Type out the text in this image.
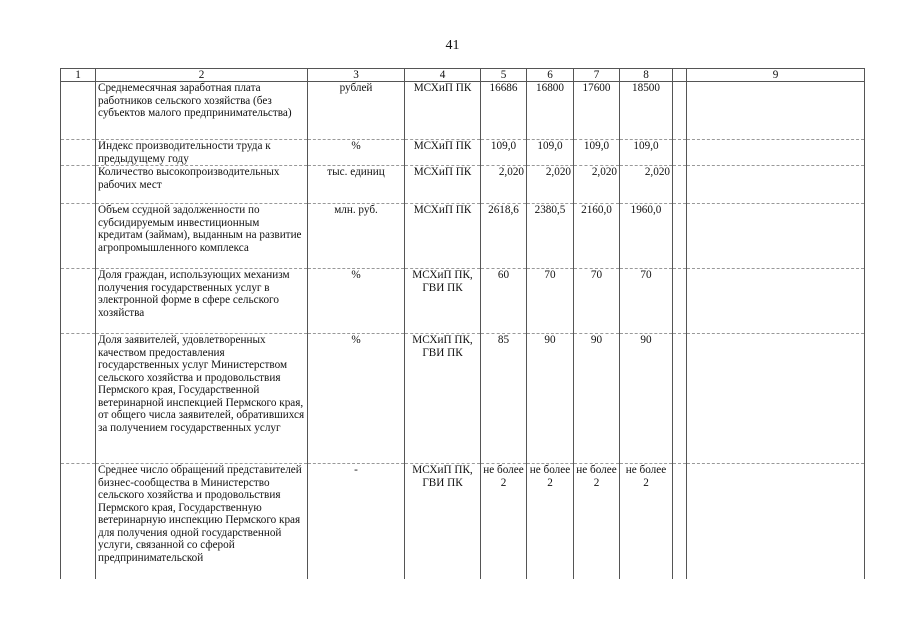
41
1	2	3	4	5	6	7	8		9
	Среднемесячная заработная плата работников сельского хозяйства (без субъектов малого предпринимательства)	рублей	МСХиП ПК	16686	16800	17600	18500		
	Индекс производительности труда к предыдущему году	%	МСХиП ПК	109,0	109,0	109,0	109,0		
	Количество высокопроизводительных рабочих мест	тыс. единиц	МСХиП ПК	2,020	2,020	2,020	2,020		
	Объем ссудной задолженности по субсидируемым инвестиционным кредитам (займам), выданным на развитие агропромышленного комплекса	млн. руб.	МСХиП ПК	2618,6	2380,5	2160,0	1960,0		
	Доля граждан, использующих механизм получения государственных услуг в электронной форме в сфере сельского хозяйства	%	МСХиП ПК, ГВИ ПК	60	70	70	70		
	Доля заявителей, удовлетворенных качеством предоставления государственных услуг Министерством сельского хозяйства и продовольствия Пермского края, Государственной ветеринарной инспекцией Пермского края, от общего числа заявителей, обратившихся за получением государственных услуг	%	МСХиП ПК, ГВИ ПК	85	90	90	90		
	Среднее число обращений представителей бизнес-сообщества в Министерство сельского хозяйства и продовольствия Пермского края, Государственную ветеринарную инспекцию Пермского края для получения одной государственной услуги, связанной со сферой предпринимательской	-	МСХиП ПК, ГВИ ПК	не более 2	не более 2	не более 2	не более 2		
